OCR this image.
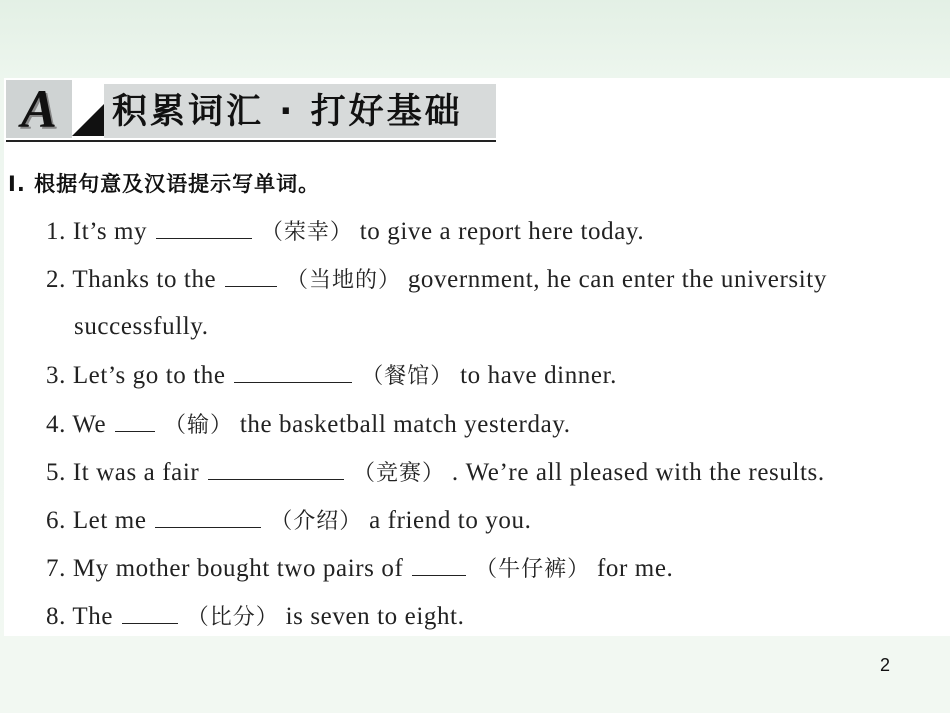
A 积累词汇 · 打好基础
Ⅰ. 根据句意及汉语提示写单词。
1. It’s my	（荣幸） to give a report here today.
2. Thanks to the	（当地的） government, he can enter the university
successfully.
3. Let’s go to the	（餐馆） to have dinner.
4. We  （输） the basketball match yesterday.
5. It was a fair	（竞赛） . We’re all pleased with the results.
6. Let me	（介绍） a friend to you.
7. My mother bought two pairs of	（牛仔裤） for me.
8. The	（比分） is seven to eight.
2
